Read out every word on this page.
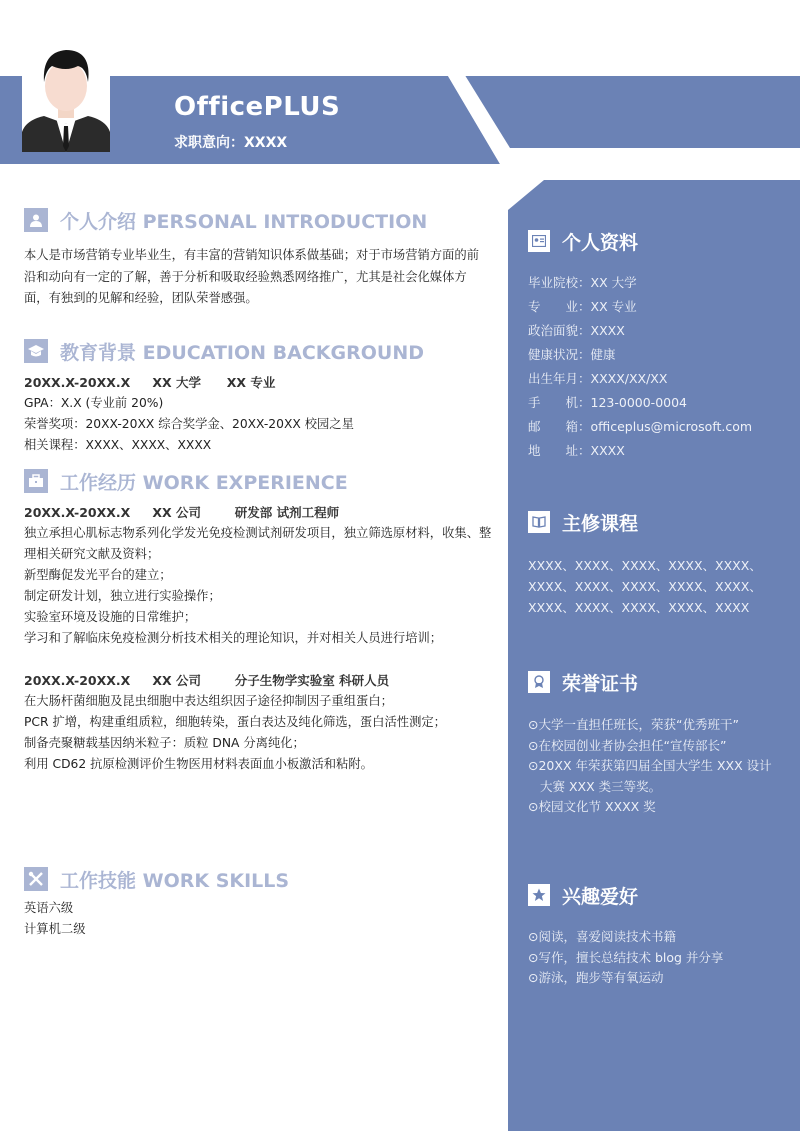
OfficePLUS
求职意向：XXXX
个人介绍 PERSONAL INTRODUCTION
本人是市场营销专业毕业生，有丰富的营销知识体系做基础；对于市场营销方面的前沿和动向有一定的了解，善于分析和吸取经验熟悉网络推广，尤其是社会化媒体方面，有独到的见解和经验，团队荣誉感强。
教育背景 EDUCATION BACKGROUND
20XX.X-20XX.X XX 大学 XX 专业
GPA：X.X (专业前 20%)
荣誉奖项：20XX-20XX 综合奖学金、20XX-20XX 校园之星
相关课程：XXXX、XXXX、XXXX
工作经历 WORK EXPERIENCE
20XX.X-20XX.X XX 公司	研发部 试剂工程师
独立承担心肌标志物系列化学发光免疫检测试剂研发项目，独立筛选原材料，收集、整理相关研究文献及资料；
新型酶促发光平台的建立；
制定研发计划，独立进行实验操作；
实验室环境及设施的日常维护；
学习和了解临床免疫检测分析技术相关的理论知识，并对相关人员进行培训；
20XX.X-20XX.X XX 公司	分子生物学实验室 科研人员
在大肠杆菌细胞及昆虫细胞中表达组织因子途径抑制因子重组蛋白；
PCR 扩增，构建重组质粒，细胞转染，蛋白表达及纯化筛选，蛋白活性测定；
制备壳聚糖载基因纳米粒子：质粒 DNA 分离纯化；
利用 CD62 抗原检测评价生物医用材料表面血小板激活和粘附。
工作技能 WORK SKILLS
英语六级
计算机二级
个人资料
毕业院校：XX 大学
专　　业：XX 专业
政治面貌：XXXX
健康状况：健康
出生年月：XXXX/XX/XX
手　　机：123-0000-0004
邮　　箱：officeplus@microsoft.com
地　　址：XXXX
主修课程
XXXX、XXXX、XXXX、XXXX、XXXX、XXXX、XXXX、XXXX、XXXX、XXXX、XXXX、XXXX、XXXX、XXXX、XXXX
荣誉证书
⊙大学一直担任班长，荣获“优秀班干”
⊙在校园创业者协会担任“宣传部长”
⊙20XX 年荣获第四届全国大学生 XXX 设计大赛 XXX 类三等奖。
⊙校园文化节 XXXX 奖
兴趣爱好
⊙阅读，喜爱阅读技术书籍
⊙写作，擅长总结技术 blog 并分享
⊙游泳，跑步等有氧运动
